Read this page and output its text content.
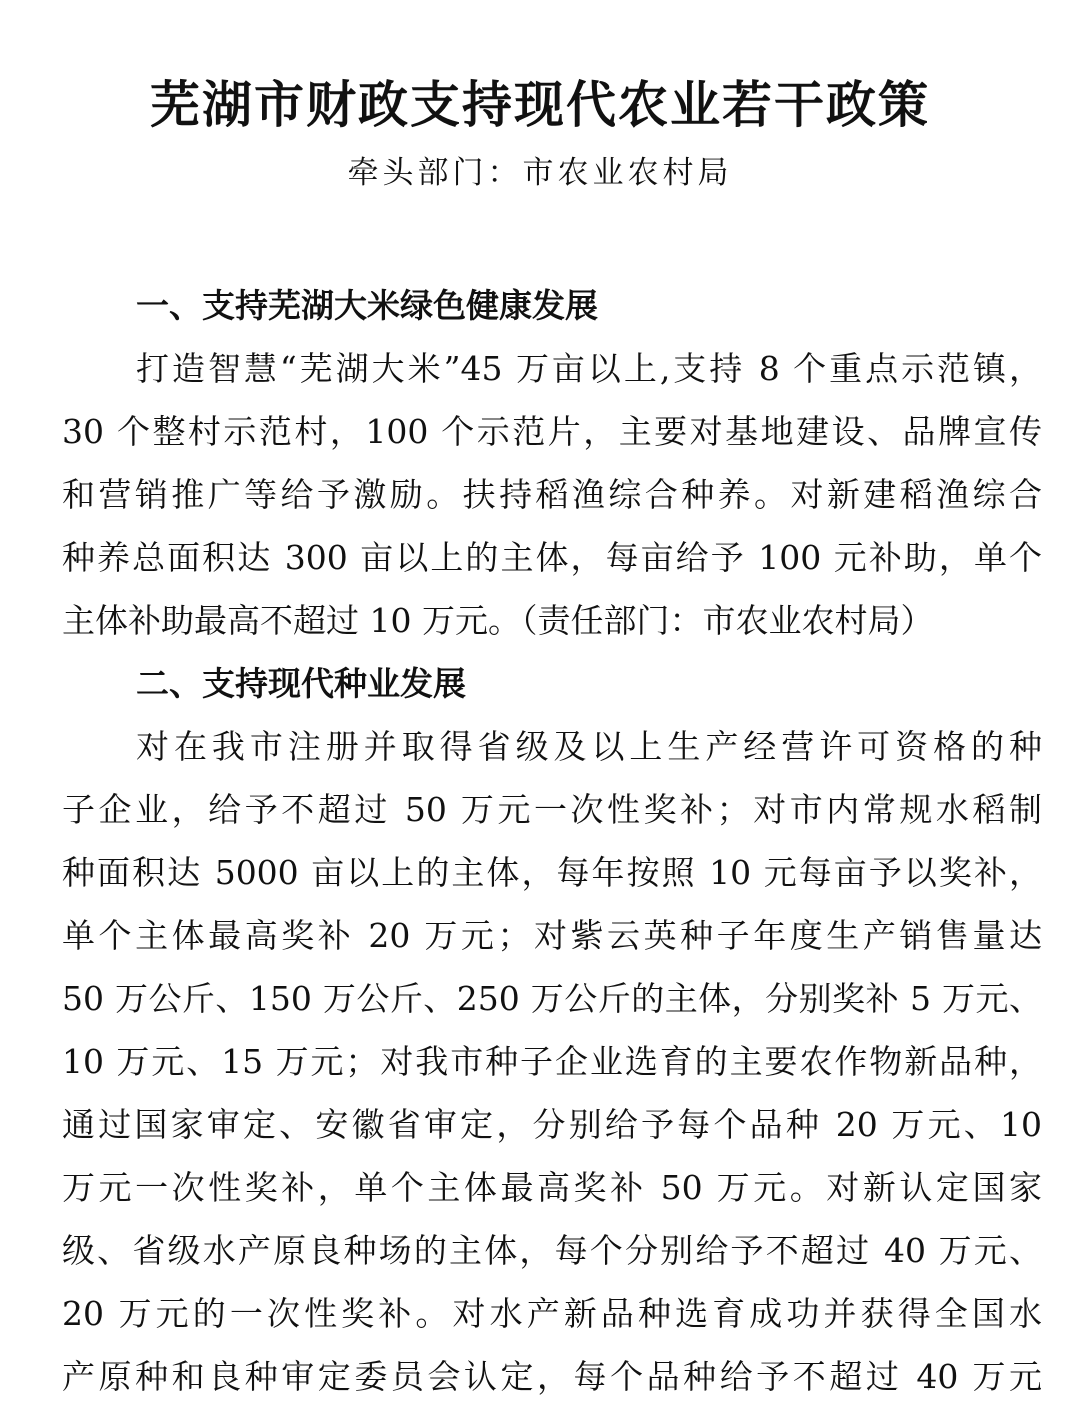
芜湖市财政支持现代农业若干政策
牵头部门：市农业农村局
一、支持芜湖大米绿色健康发展
打造智慧“芜湖大米”45 万亩以上,支持 8 个重点示范镇，
30 个整村示范村，100 个示范片，主要对基地建设、品牌宣传
和营销推广等给予激励。扶持稻渔综合种养。对新建稻渔综合
种养总面积达 300 亩以上的主体，每亩给予 100 元补助，单个
主体补助最高不超过 10 万元。（责任部门：市农业农村局）
二、支持现代种业发展
对在我市注册并取得省级及以上生产经营许可资格的种
子企业，给予不超过 50 万元一次性奖补；对市内常规水稻制
种面积达 5000 亩以上的主体，每年按照 10 元每亩予以奖补，
单个主体最高奖补 20 万元；对紫云英种子年度生产销售量达
50 万公斤、150 万公斤、250 万公斤的主体，分别奖补 5 万元、
10 万元、15 万元；对我市种子企业选育的主要农作物新品种，
通过国家审定、安徽省审定，分别给予每个品种 20 万元、10
万元一次性奖补，单个主体最高奖补 50 万元。对新认定国家
级、省级水产原良种场的主体，每个分别给予不超过 40 万元、
20 万元的一次性奖补。对水产新品种选育成功并获得全国水
产原种和良种审定委员会认定，每个品种给予不超过 40 万元
